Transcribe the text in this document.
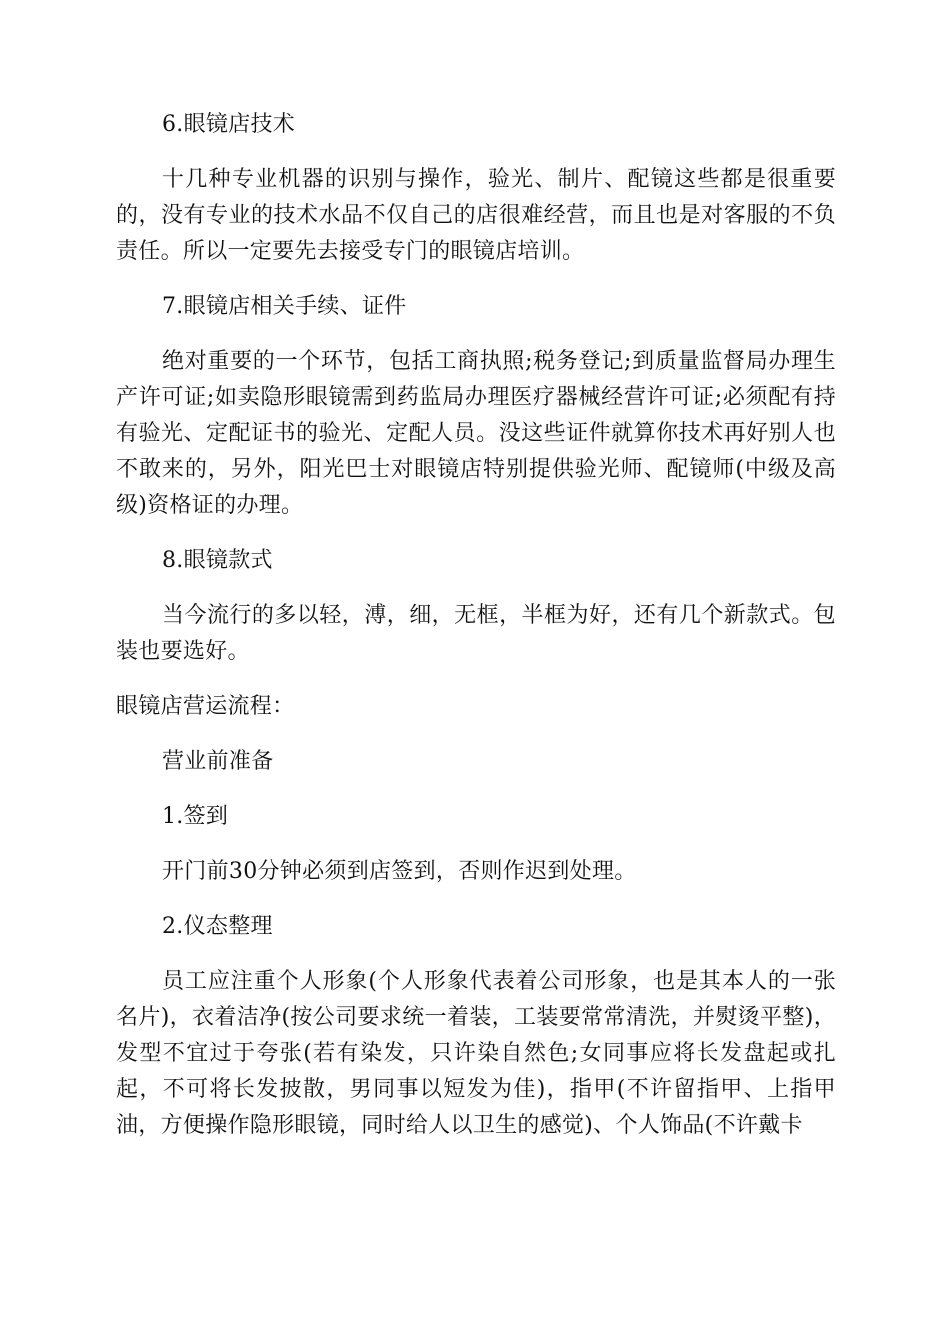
6.眼镜店技术

十几种专业机器的识别与操作，验光、制片、配镜这些都是很重要的，没有专业的技术水品不仅自己的店很难经营，而且也是对客服的不负责任。所以一定要先去接受专门的眼镜店培训。

7.眼镜店相关手续、证件

绝对重要的一个环节，包括工商执照;税务登记;到质量监督局办理生产许可证;如卖隐形眼镜需到药监局办理医疗器械经营许可证;必须配有持有验光、定配证书的验光、定配人员。没这些证件就算你技术再好别人也不敢来的，另外，阳光巴士对眼镜店特别提供验光师、配镜师(中级及高级)资格证的办理。

8.眼镜款式

当今流行的多以轻，溥，细，无框，半框为好，还有几个新款式。包装也要选好。

眼镜店营运流程：

营业前准备

1.签到

开门前30分钟必须到店签到，否则作迟到处理。

2.仪态整理

员工应注重个人形象(个人形象代表着公司形象，也是其本人的一张名片)，衣着洁净(按公司要求统一着装，工装要常常清洗，并熨烫平整)，发型不宜过于夸张(若有染发，只许染自然色;女同事应将长发盘起或扎起，不可将长发披散，男同事以短发为佳)，指甲(不许留指甲、上指甲油，方便操作隐形眼镜，同时给人以卫生的感觉)、个人饰品(不许戴卡
